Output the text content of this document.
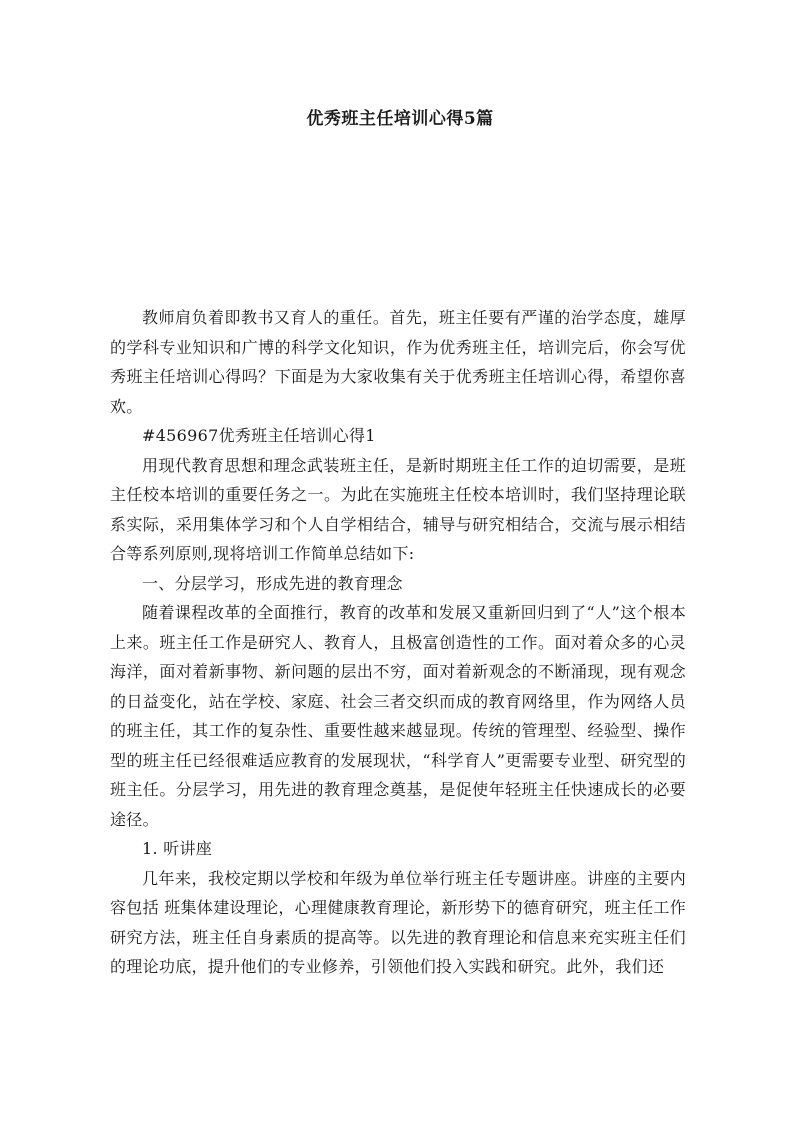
优秀班主任培训心得5篇

教师肩负着即教书又育人的重任。首先，班主任要有严谨的治学态度，雄厚的学科专业知识和广博的科学文化知识，作为优秀班主任，培训完后，你会写优秀班主任培训心得吗？下面是为大家收集有关于优秀班主任培训心得，希望你喜欢。

#456967优秀班主任培训心得1

用现代教育思想和理念武装班主任，是新时期班主任工作的迫切需要，是班主任校本培训的重要任务之一。为此在实施班主任校本培训时，我们坚持理论联系实际，采用集体学习和个人自学相结合，辅导与研究相结合，交流与展示相结合等系列原则,现将培训工作简单总结如下:

一、分层学习，形成先进的教育理念

随着课程改革的全面推行，教育的改革和发展又重新回归到了“人”这个根本上来。班主任工作是研究人、教育人，且极富创造性的工作。面对着众多的心灵海洋，面对着新事物、新问题的层出不穷，面对着新观念的不断涌现，现有观念的日益变化，站在学校、家庭、社会三者交织而成的教育网络里，作为网络人员的班主任，其工作的复杂性、重要性越来越显现。传统的管理型、经验型、操作型的班主任已经很难适应教育的发展现状，“科学育人”更需要专业型、研究型的班主任。分层学习，用先进的教育理念奠基，是促使年轻班主任快速成长的必要途径。

1. 听讲座

几年来，我校定期以学校和年级为单位举行班主任专题讲座。讲座的主要内容包括 班集体建设理论，心理健康教育理论，新形势下的德育研究，班主任工作研究方法，班主任自身素质的提高等。以先进的教育理论和信息来充实班主任们的理论功底，提升他们的专业修养，引领他们投入实践和研究。此外，我们还
